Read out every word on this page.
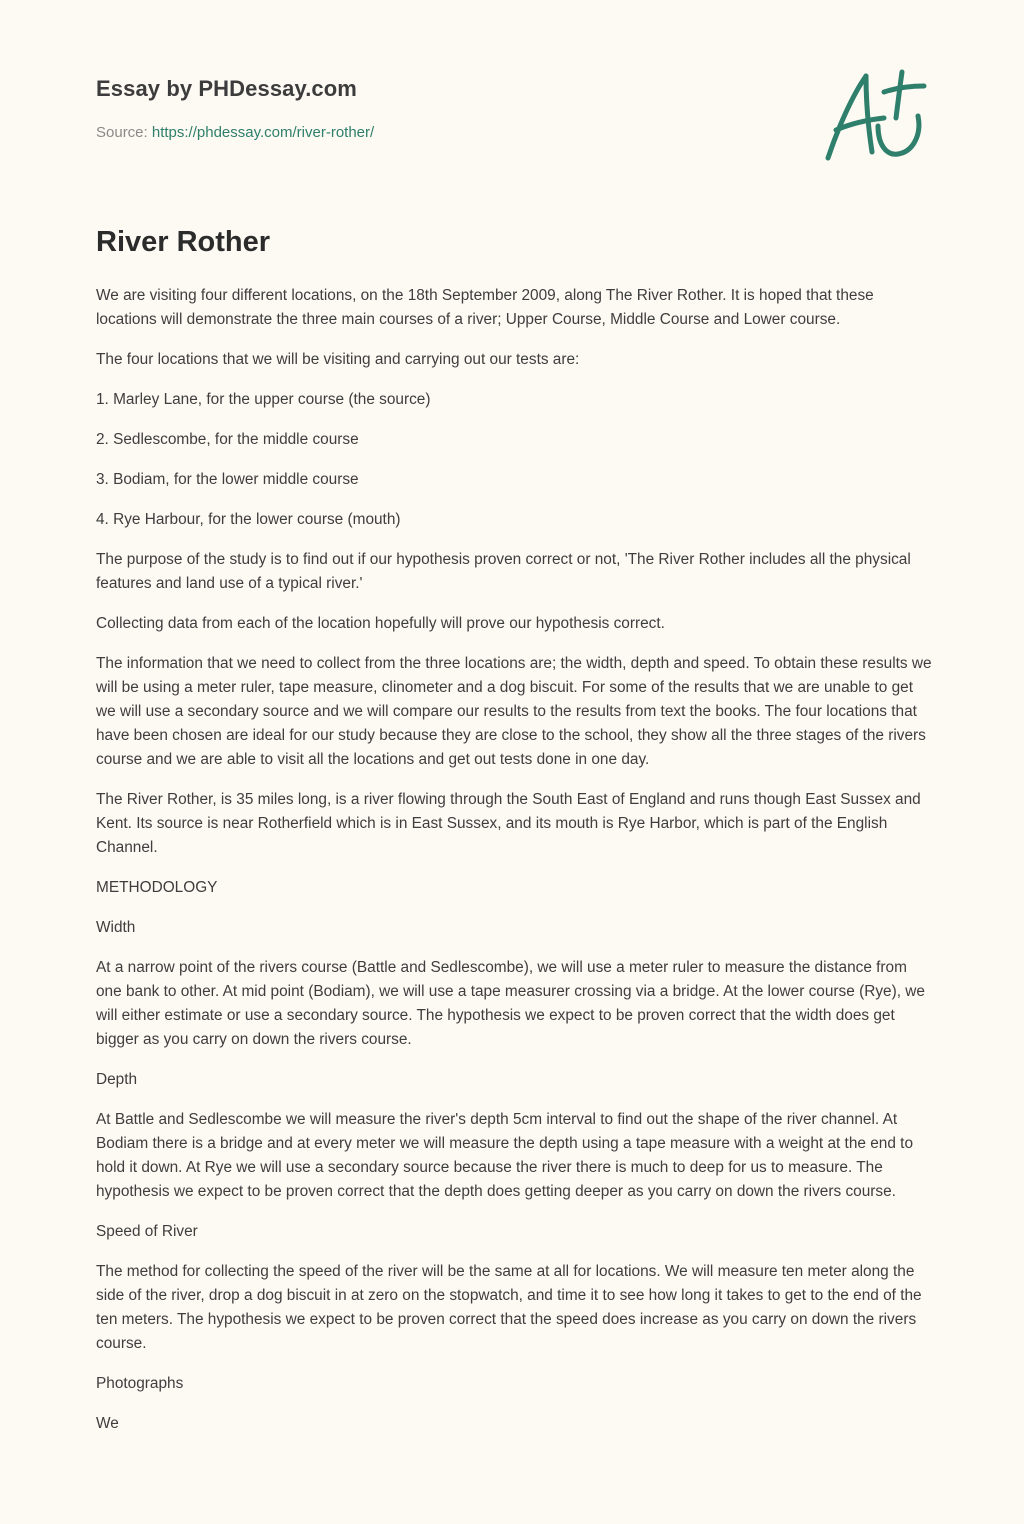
Essay by PHDessay.com
Source: https://phdessay.com/river-rother/
River Rother

We are visiting four different locations, on the 18th September 2009, along The River Rother. It is hoped that these locations will demonstrate the three main courses of a river; Upper Course, Middle Course and Lower course.

The four locations that we will be visiting and carrying out our tests are:

1. Marley Lane, for the upper course (the source)

2. Sedlescombe, for the middle course

3. Bodiam, for the lower middle course

4. Rye Harbour, for the lower course (mouth)

The purpose of the study is to find out if our hypothesis proven correct or not, 'The River Rother includes all the physical features and land use of a typical river.'

Collecting data from each of the location hopefully will prove our hypothesis correct.

The information that we need to collect from the three locations are; the width, depth and speed. To obtain these results we will be using a meter ruler, tape measure, clinometer and a dog biscuit. For some of the results that we are unable to get we will use a secondary source and we will compare our results to the results from text the books. The four locations that have been chosen are ideal for our study because they are close to the school, they show all the three stages of the rivers course and we are able to visit all the locations and get out tests done in one day.

The River Rother, is 35 miles long, is a river flowing through the South East of England and runs though East Sussex and Kent. Its source is near Rotherfield which is in East Sussex, and its mouth is Rye Harbor, which is part of the English Channel.

METHODOLOGY

Width

At a narrow point of the rivers course (Battle and Sedlescombe), we will use a meter ruler to measure the distance from one bank to other. At mid point (Bodiam), we will use a tape measurer crossing via a bridge. At the lower course (Rye), we will either estimate or use a secondary source. The hypothesis we expect to be proven correct that the width does get bigger as you carry on down the rivers course.

Depth

At Battle and Sedlescombe we will measure the river's depth 5cm interval to find out the shape of the river channel. At Bodiam there is a bridge and at every meter we will measure the depth using a tape measure with a weight at the end to hold it down. At Rye we will use a secondary source because the river there is much to deep for us to measure. The hypothesis we expect to be proven correct that the depth does getting deeper as you carry on down the rivers course.

Speed of River

The method for collecting the speed of the river will be the same at all for locations. We will measure ten meter along the side of the river, drop a dog biscuit in at zero on the stopwatch, and time it to see how long it takes to get to the end of the ten meters. The hypothesis we expect to be proven correct that the speed does increase as you carry on down the rivers course.

Photographs

We
